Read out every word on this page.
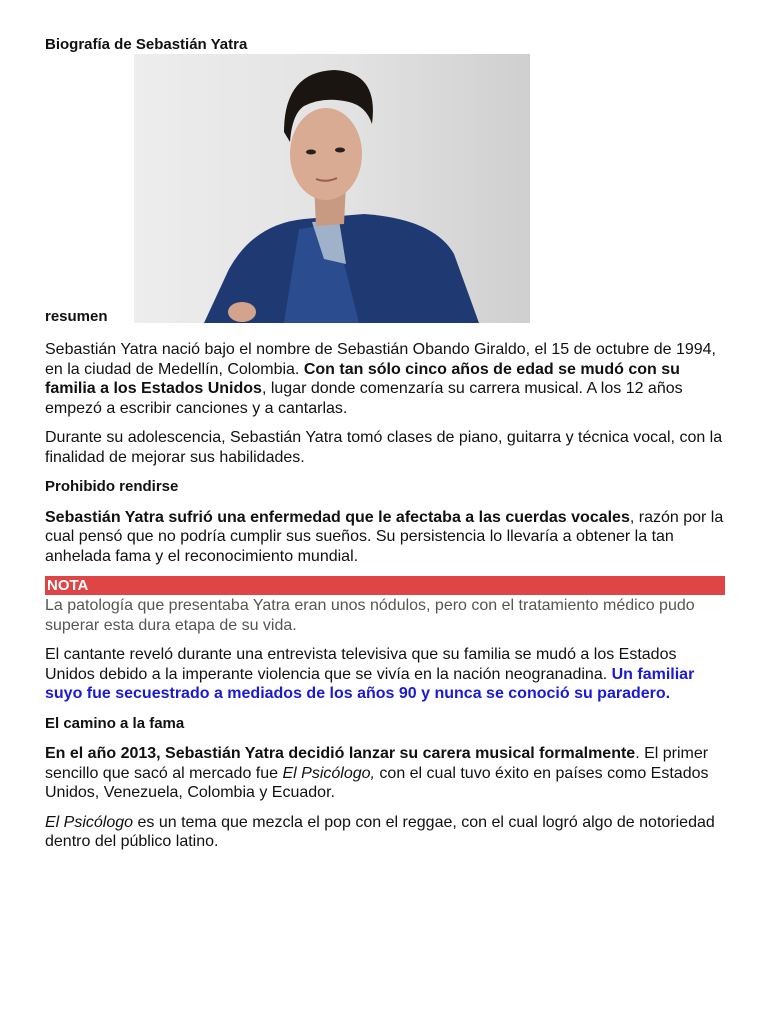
Biografía de Sebastián Yatra
resumen

Sebastián Yatra nació bajo el nombre de Sebastián Obando Giraldo, el 15 de octubre de 1994, en la ciudad de Medellín, Colombia. Con tan sólo cinco años de edad se mudó con su familia a los Estados Unidos, lugar donde comenzaría su carrera musical. A los 12 años empezó a escribir canciones y a cantarlas.

Durante su adolescencia, Sebastián Yatra tomó clases de piano, guitarra y técnica vocal, con la finalidad de mejorar sus habilidades.

Prohibido rendirse

Sebastián Yatra sufrió una enfermedad que le afectaba a las cuerdas vocales, razón por la cual pensó que no podría cumplir sus sueños. Su persistencia lo llevaría a obtener la tan anhelada fama y el reconocimiento mundial.

NOTA

La patología que presentaba Yatra eran unos nódulos, pero con el tratamiento médico pudo superar esta dura etapa de su vida.

El cantante reveló durante una entrevista televisiva que su familia se mudó a los Estados Unidos debido a la imperante violencia que se vivía en la nación neogranadina. Un familiar suyo fue secuestrado a mediados de los años 90 y nunca se conoció su paradero.

El camino a la fama

En el año 2013, Sebastián Yatra decidió lanzar su carera musical formalmente. El primer sencillo que sacó al mercado fue El Psicólogo, con el cual tuvo éxito en países como Estados Unidos, Venezuela, Colombia y Ecuador.

El Psicólogo es un tema que mezcla el pop con el reggae, con el cual logró algo de notoriedad dentro del público latino.
